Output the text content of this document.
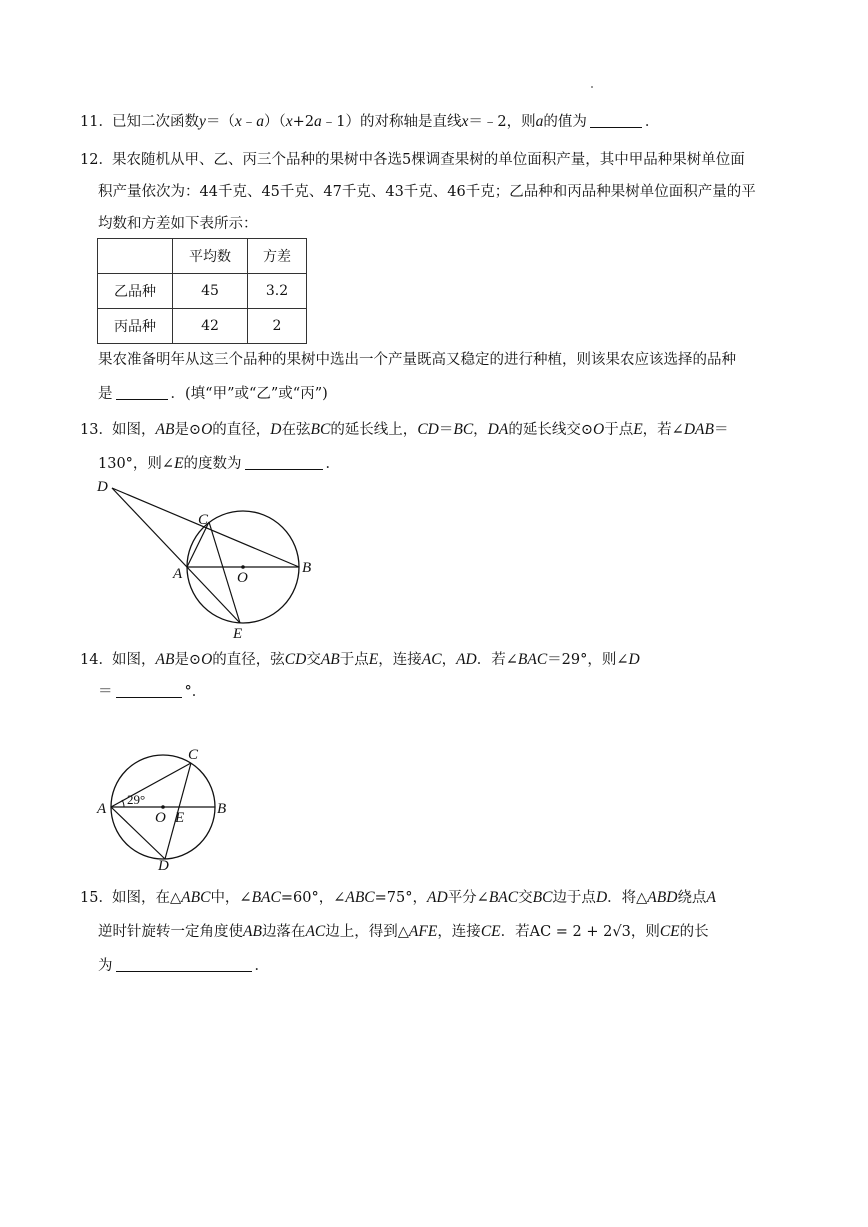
11． 已知二次函数y＝（x﹣a）（x+2a﹣1）的对称轴是直线x＝﹣2，则a的值为	．
12． 果农随机从甲、乙、丙三个品种的果树中各选5棵调查果树的单位面积产量，其中甲品种果树单位面
积产量依次为：44千克、45千克、47千克、43千克、46千克；乙品种和丙品种果树单位面积产量的平
均数和方差如下表所示：
	平均数	方差
乙品种	45	3.2
丙品种	42	2
果农准备明年从这三个品种的果树中选出一个产量既高又稳定的进行种植，则该果农应该选择的品种
是	．(填“甲”或“乙”或“丙”)
13． 如图，AB是⊙O的直径，D在弦BC的延长线上，CD＝BC，DA的延长线交⊙O于点E，若∠DAB＝
130°，则∠E的度数为	．
D
C
A	O
B
E
14． 如图，AB是⊙O的直径，弦CD交AB于点E，连接AC，AD．若∠BAC＝29°，则∠D
＝	°．
C
A
29°
O E
B
D
15． 如图，在△ABC中，∠BAC=60°，∠ABC=75°，AD平分∠BAC交BC边于点D．将△ABD绕点A
逆时针旋转一定角度使AB边落在AC边上，得到△AFE，连接CE．若AC = 2 + 2√3，则CE的长
为	．
